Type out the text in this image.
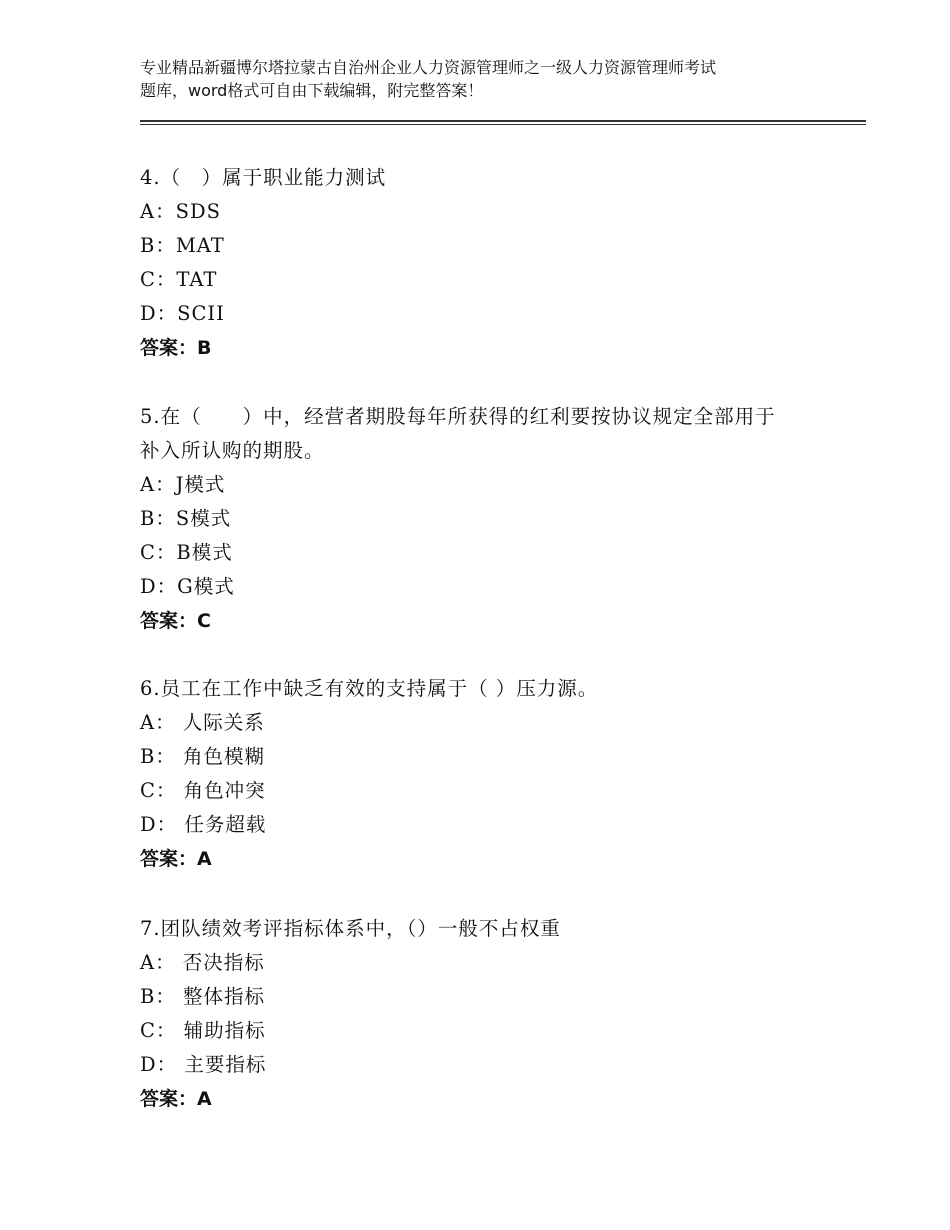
专业精品新疆博尔塔拉蒙古自治州企业人力资源管理师之一级人力资源管理师考试
题库，word格式可自由下载编辑，附完整答案！
4.（　）属于职业能力测试
A：SDS
B：MAT
C：TAT
D：SCII
答案：B
5.在（　　）中，经营者期股每年所获得的红利要按协议规定全部用于
补入所认购的期股。
A：J模式
B：S模式
C：B模式
D：G模式
答案：C
6.员工在工作中缺乏有效的支持属于（ ）压力源。
A： 人际关系
B： 角色模糊
C： 角色冲突
D： 任务超载
答案：A
7.团队绩效考评指标体系中，（）一般不占权重
A： 否决指标
B： 整体指标
C： 辅助指标
D： 主要指标
答案：A
